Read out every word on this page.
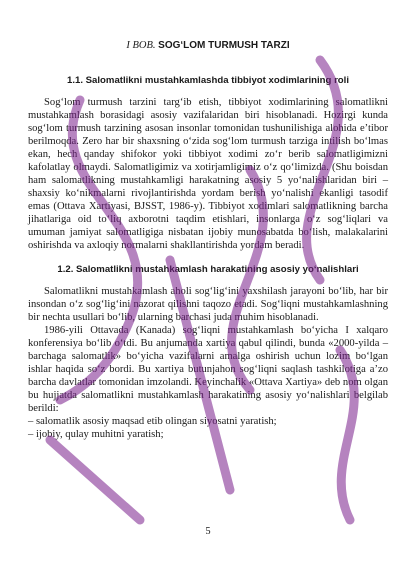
I BOB. SOG‘LOM TURMUSH TARZI
1.1. Salomatlikni mustahkamlashda tibbiyot xodimlarining roli

Sog‘lom turmush tarzini targ‘ib etish, tibbiyot xodimlarining salomatlikni mustahkamlash borasidagi asosiy vazifalaridan biri hisoblanadi. Hozirgi kunda sog‘lom turmush tarzining asosan insonlar tomonidan tushunilishiga alohida e’tibor berilmoqda. Zero har bir shaxsning o‘zida sog‘lom turmush tarziga intilish bo‘lmas ekan, hech qanday shifokor yoki tibbiyot xodimi zo‘r berib salomatligimizni kafolatlay olmaydi. Salomatligimiz va xotirjamligimiz o‘z qo‘limizda. (Shu boisdan ham salomatlikning mustahkamligi harakatning asosiy 5 yo‘nalishlaridan biri – shaxsiy ko‘nikmalarni rivojlantirishda yordam berish yo‘nalishi ekanligi tasodif emas (Ottava Xartiyasi, BJSST, 1986-y). Tibbiyot xodimlari salomatlikning barcha jihatlariga oid to‘liq axborotni taqdim etishlari, insonlarga o‘z sog‘liqlari va umuman jamiyat salomatligiga nisbatan ijobiy munosabatda bo‘lish, malakalarini oshirishda va axloqiy normalarni shakllantirishda yordam beradi.

1.2. Salomatlikni mustahkamlash harakatining asosiy yo‘nalishlari

Salomatlikni mustahkamlash aholi sog‘lig‘ini yaxshilash jarayoni bo‘lib, har bir insondan o‘z sog‘lig‘ini nazorat qilishni taqozo etadi. Sog‘liqni mustahkamlashning bir nechta usullari bo‘lib, ularning barchasi juda muhim hisoblanadi.

1986-yili Ottavada (Kanada) sog‘liqni mustahkamlash bo‘yicha I xalqaro konferensiya bo‘lib o‘tdi. Bu anjumanda xartiya qabul qilindi, bunda «2000-yilda – barchaga salomatlik» bo‘yicha vazifalarni amalga oshirish uchun lozim bo‘lgan ishlar haqida so‘z bordi. Bu xartiya butunjahon sog‘liqni saqlash tashkilotiga a’zo barcha davlatlar tomonidan imzolandi. Keyinchalik «Ottava Xartiya» deb nom olgan bu hujjatda salomatlikni mustahkamlash harakatining asosiy yo‘nalishlari belgilab berildi:

– salomatlik asosiy maqsad etib olingan siyosatni yaratish;
– ijobiy, qulay muhitni yaratish;
5
